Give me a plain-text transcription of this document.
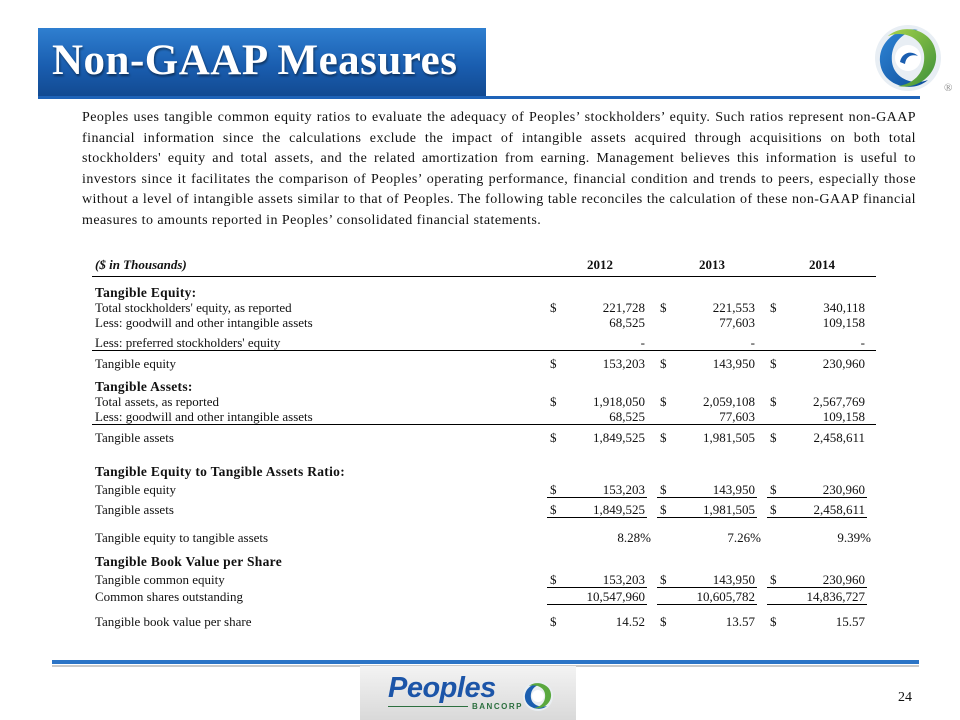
Non-GAAP Measures
®
Peoples uses tangible common equity ratios to evaluate the adequacy of Peoples’ stockholders’ equity. Such ratios represent non-GAAP financial information since the calculations exclude the impact of intangible assets acquired through acquisitions on both total stockholders' equity and total assets, and the related amortization from earning. Management believes this information is useful to investors since it facilitates the comparison of Peoples’ operating performance, financial condition and trends to peers, especially those without a level of intangible assets similar to that of Peoples. The following table reconciles the calculation of these non-GAAP financial measures to amounts reported in Peoples’ consolidated financial statements.
($ in Thousands)	2012	2013	2014
Tangible Equity:
Total stockholders' equity, as reported	$	221,728 $	221,553 $	340,118
Less: goodwill and other intangible assets	68,525	77,603	109,158
Less: preferred stockholders' equity	-	-	-
Tangible equity	$	153,203 $	143,950 $	230,960
Tangible Assets:
Total assets, as reported	$	1,918,050 $	2,059,108 $	2,567,769
Less: goodwill and other intangible assets	68,525	77,603	109,158
Tangible assets	$	1,849,525 $	1,981,505 $	2,458,611
Tangible Equity to Tangible Assets Ratio:
Tangible equity	$	153,203 $	143,950 $	230,960
Tangible assets	$	1,849,525 $	1,981,505 $	2,458,611
Tangible equity to tangible assets	8.28%	7.26%	9.39%
Tangible Book Value per Share
Tangible common equity	$	153,203 $	143,950 $	230,960
Common shares outstanding	10,547,960	10,605,782	14,836,727
Tangible book value per share	$	14.52 $	13.57 $	15.57
Peoples
BANCORP
24
